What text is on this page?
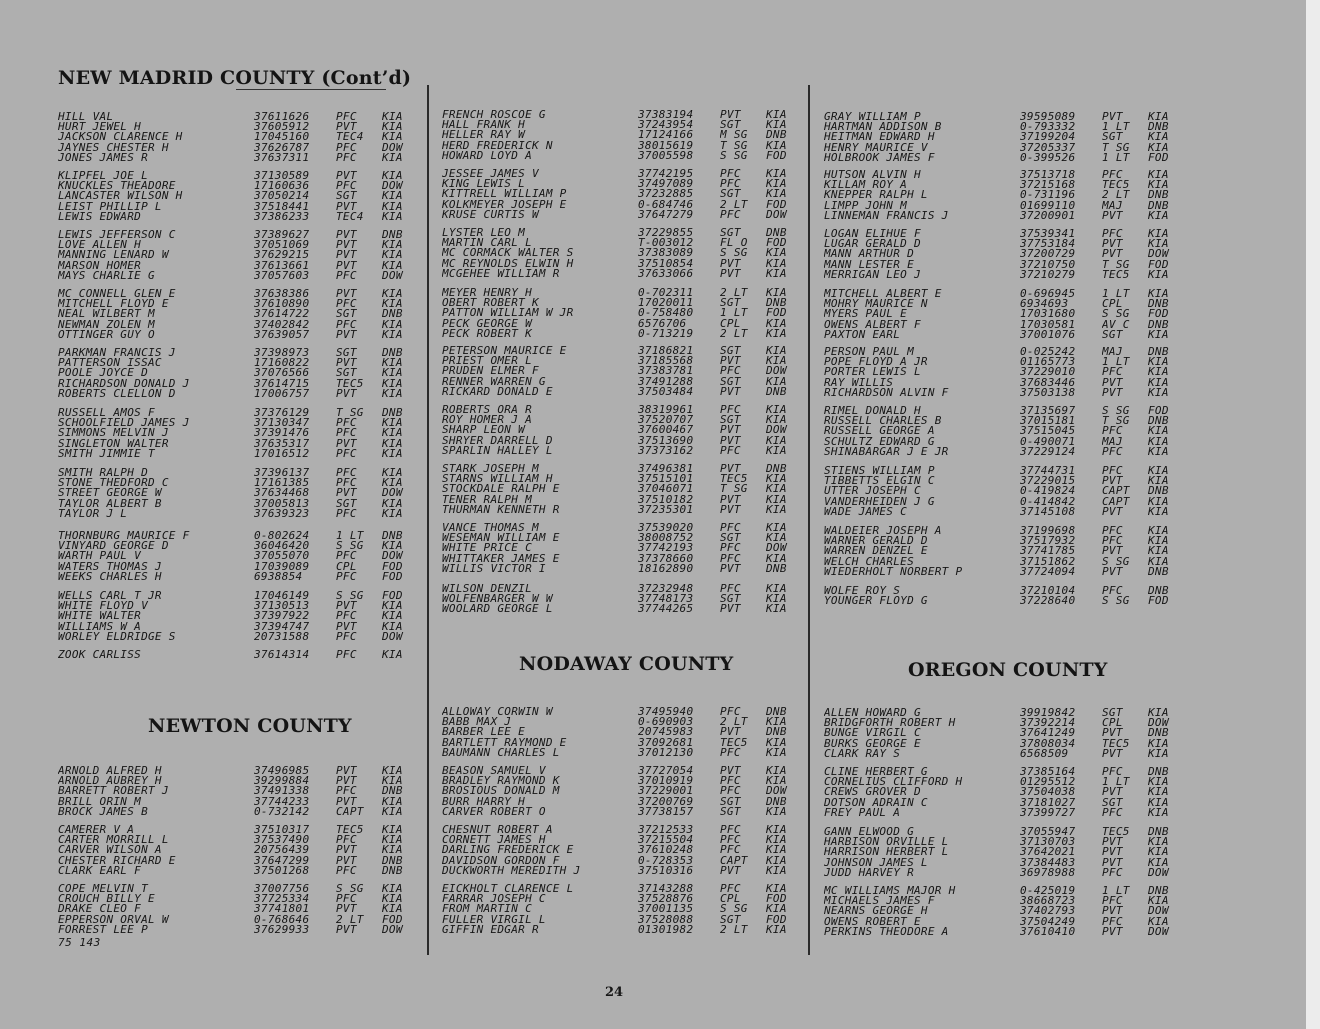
NEW MADRID COUNTY (Cont’d)
HILL VAL	37611626	PFC	KIA
HURT JEWEL H	37605912	PVT	KIA
JACKSON CLARENCE H	17045160	TEC4	KIA
JAYNES CHESTER H	37626787	PFC	DOW
JONES JAMES R	37637311	PFC	KIA
KLIPFEL JOE L	37130589	PVT	KIA
KNUCKLES THEADORE	17160636	PFC	DOW
LANCASTER WILSON H	37050214	SGT	KIA
LEIST PHILLIP L	37518441	PVT	KIA
LEWIS EDWARD	37386233	TEC4	KIA
LEWIS JEFFERSON C	37389627	PVT	DNB
LOVE ALLEN H	37051069	PVT	KIA
MANNING LENARD W	37629215	PVT	KIA
MARSON HOMER	37613661	PVT	KIA
MAYS CHARLIE G	37057603	PFC	DOW
MC CONNELL GLEN E	37638386	PVT	KIA
MITCHELL FLOYD E	37610890	PFC	KIA
NEAL WILBERT M	37614722	SGT	DNB
NEWMAN ZOLEN M	37402842	PFC	KIA
OTTINGER GUY O	37639057	PVT	KIA
PARKMAN FRANCIS J	37398973	SGT	DNB
PATTERSON ISSAC	17160822	PVT	KIA
POOLE JOYCE D	37076566	SGT	KIA
RICHARDSON DONALD J	37614715	TEC5	KIA
ROBERTS CLELLON D	17006757	PVT	KIA
RUSSELL AMOS F	37376129	T SG	DNB
SCHOOLFIELD JAMES J	37130347	PFC	KIA
SIMMONS MELVIN J	37391476	PFC	KIA
SINGLETON WALTER	37635317	PVT	KIA
SMITH JIMMIE T	17016512	PFC	KIA
SMITH RALPH D	37396137	PFC	KIA
STONE THEDFORD C	17161385	PFC	KIA
STREET GEORGE W	37634468	PVT	DOW
TAYLOR ALBERT B	37005813	SGT	KIA
TAYLOR J L	37639323	PFC	KIA
THORNBURG MAURICE F	0-802624	1 LT	DNB
VINYARD GEORGE D	36046420	S SG	KIA
WARTH PAUL V	37055070	PFC	DOW
WATERS THOMAS J	17039089	CPL	FOD
WEEKS CHARLES H	6938854	PFC	FOD
WELLS CARL T JR	17046149	S SG	FOD
WHITE FLOYD V	37130513	PVT	KIA
WHITE WALTER	37397922	PFC	KIA
WILLIAMS W A	37394747	PVT	KIA
WORLEY ELDRIDGE S	20731588	PFC	DOW
ZOOK CARLISS	37614314	PFC	KIA
NEWTON COUNTY
ARNOLD ALFRED H	37496985	PVT	KIA
ARNOLD AUBREY H	39299884	PVT	KIA
BARRETT ROBERT J	37491338	PFC	DNB
BRILL ORIN M	37744233	PVT	KIA
BROCK JAMES B	0-732142	CAPT	KIA
CAMERER V A	37510317	TEC5	KIA
CARTER MORRILL L	37537490	PFC	KIA
CARVER WILSON A	20756439	PVT	KIA
CHESTER RICHARD E	37647299	PVT	DNB
CLARK EARL F	37501268	PFC	DNB
COPE MELVIN T	37007756	S SG	KIA
CROUCH BILLY E	37725334	PFC	KIA
DRAKE CLEO F	37741801	PVT	KIA
EPPERSON ORVAL W	0-768646	2 LT	FOD
FORREST LEE P	37629933	PVT	DOW
FRENCH ROSCOE G	37383194	PVT	KIA
HALL FRANK H	37243954	SGT	KIA
HELLER RAY W	17124166	M SG	DNB
HERD FREDERICK N	38015619	T SG	KIA
HOWARD LOYD A	37005598	S SG	FOD
JESSEE JAMES V	37742195	PFC	KIA
KING LEWIS L	37497089	PFC	KIA
KITTRELL WILLIAM P	37232885	SGT	KIA
KOLKMEYER JOSEPH E	0-684746	2 LT	FOD
KRUSE CURTIS W	37647279	PFC	DOW
LYSTER LEO M	37229855	SGT	DNB
MARTIN CARL L	T-003012	FL O	FOD
MC CORMACK WALTER S	37383089	S SG	KIA
MC REYNOLDS ELWIN H	37510854	PVT	KIA
MCGEHEE WILLIAM R	37633066	PVT	KIA
MEYER HENRY H	0-702311	2 LT	KIA
OBERT ROBERT K	17020011	SGT	DNB
PATTON WILLIAM W JR	0-758480	1 LT	FOD
PECK GEORGE W	6576706	CPL	KIA
PECK ROBERT K	0-713219	2 LT	KIA
PETERSON MAURICE E	37186821	SGT	KIA
PRIEST OMER L	37185568	PVT	KIA
PRUDEN ELMER F	37383781	PFC	DOW
RENNER WARREN G	37491288	SGT	KIA
RICKARD DONALD E	37503484	PVT	DNB
ROBERTS ORA R	38319961	PFC	KIA
ROY HOMER J A	37520707	SGT	KIA
SHARP LEON W	37600467	PVT	DOW
SHRYER DARRELL D	37513690	PVT	KIA
SPARLIN HALLEY L	37373162	PFC	KIA
STARK JOSEPH M	37496381	PVT	DNB
STARNS WILLIAM H	37515101	TEC5	KIA
STOCKDALE RALPH E	37046071	T SG	KIA
TENER RALPH M	37510182	PVT	KIA
THURMAN KENNETH R	37235301	PVT	KIA
VANCE THOMAS M	37539020	PFC	KIA
WESEMAN WILLIAM E	38008752	SGT	KIA
WHITE PRICE C	37742193	PFC	DOW
WHITTAKER JAMES E	37378660	PFC	KIA
WILLIS VICTOR I	18162890	PVT	DNB
WILSON DENZIL	37232948	PFC	KIA
WOLFENBARGER W W	37748173	SGT	KIA
WOOLARD GEORGE L	37744265	PVT	KIA
NODAWAY COUNTY
ALLOWAY CORWIN W	37495940	PFC	DNB
BABB MAX J	0-690903	2 LT	KIA
BARBER LEE E	20745983	PVT	DNB
BARTLETT RAYMOND E	37092681	TEC5	KIA
BAUMANN CHARLES L	37012130	PFC	KIA
BEASON SAMUEL V	37727054	PVT	KIA
BRADLEY RAYMOND K	37010919	PFC	KIA
BROSIOUS DONALD M	37229001	PFC	DOW
BURR HARRY H	37200769	SGT	DNB
CARVER ROBERT O	37738157	SGT	KIA
CHESNUT ROBERT A	37212533	PFC	KIA
CORNETT JAMES H	37215504	PFC	KIA
DARLING FREDERICK E	37610248	PFC	KIA
DAVIDSON GORDON F	0-728353	CAPT	KIA
DUCKWORTH MEREDITH J	37510316	PVT	KIA
EICKHOLT CLARENCE L	37143288	PFC	KIA
FARRAR JOSEPH C	37528876	CPL	FOD
FROM MARTIN C	37001135	S SG	KIA
FULLER VIRGIL L	37528088	SGT	FOD
GIFFIN EDGAR R	01301982	2 LT	KIA
GRAY WILLIAM P	39595089	PVT	KIA
HARTMAN ADDISON B	0-793332	1 LT	DNB
HEITMAN EDWARD H	37199204	SGT	KIA
HENRY MAURICE V	37205337	T SG	KIA
HOLBROOK JAMES F	0-399526	1 LT	FOD
HUTSON ALVIN H	37513718	PFC	KIA
KILLAM ROY A	37215168	TEC5	KIA
KNEPPER RALPH L	0-731196	2 LT	DNB
LIMPP JOHN M	01699110	MAJ	DNB
LINNEMAN FRANCIS J	37200901	PVT	KIA
LOGAN ELIHUE F	37539341	PFC	KIA
LUGAR GERALD D	37753184	PVT	KIA
MANN ARTHUR D	37200729	PVT	DOW
MANN LESTER E	37210750	T SG	FOD
MERRIGAN LEO J	37210279	TEC5	KIA
MITCHELL ALBERT E	0-696945	1 LT	KIA
MOHRY MAURICE N	6934693	CPL	DNB
MYERS PAUL E	17031680	S SG	FOD
OWENS ALBERT F	17030581	AV C	DNB
PAXTON EARL	37001076	SGT	KIA
PERSON PAUL M	0-025242	MAJ	DNB
POPE FLOYD A JR	01165773	1 LT	KIA
PORTER LEWIS L	37229010	PFC	KIA
RAY WILLIS	37683446	PVT	KIA
RICHARDSON ALVIN F	37503138	PVT	KIA
RIMEL DONALD H	37135697	S SG	FOD
RUSSELL CHARLES B	37015181	T SG	DNB
RUSSELL GEORGE A	37515045	PFC	KIA
SCHULTZ EDWARD G	0-490071	MAJ	KIA
SHINABARGAR J E JR	37229124	PFC	KIA
STIENS WILLIAM P	37744731	PFC	KIA
TIBBETTS ELGIN C	37229015	PVT	KIA
UTTER JOSEPH C	0-419824	CAPT	DNB
VANDERHEIDEN J G	0-414842	CAPT	KIA
WADE JAMES C	37145108	PVT	KIA
WALDEIER JOSEPH A	37199698	PFC	KIA
WARNER GERALD D	37517932	PFC	KIA
WARREN DENZEL E	37741785	PVT	KIA
WELCH CHARLES	37151862	S SG	KIA
WIEDERHOLT NORBERT P	37724094	PVT	DNB
WOLFE ROY S	37210104	PFC	DNB
YOUNGER FLOYD G	37228640	S SG	FOD
OREGON COUNTY
ALLEN HOWARD G	39919842	SGT	KIA
BRIDGFORTH ROBERT H	37392214	CPL	DOW
BUNGE VIRGIL C	37641249	PVT	DNB
BURKS GEORGE E	37808034	TEC5	KIA
CLARK RAY S	6568509	PVT	KIA
CLINE HERBERT G	37385164	PFC	DNB
CORNELIUS CLIFFORD H	01295512	1 LT	KIA
CREWS GROVER D	37504038	PVT	KIA
DOTSON ADRAIN C	37181027	SGT	KIA
FREY PAUL A	37399727	PFC	KIA
GANN ELWOOD G	37055947	TEC5	DNB
HARBISON ORVILLE L	37130703	PVT	KIA
HARRISON HERBERT L	37642021	PVT	KIA
JOHNSON JAMES L	37384483	PVT	KIA
JUDD HARVEY R	36978988	PFC	DOW
MC WILLIAMS MAJOR H	0-425019	1 LT	DNB
MICHAELS JAMES F	38668723	PFC	KIA
NEARNS GEORGE H	37402793	PVT	DOW
OWENS ROBERT E	37504249	PFC	KIA
PERKINS THEODORE A	37610410	PVT	DOW
75 143
24
